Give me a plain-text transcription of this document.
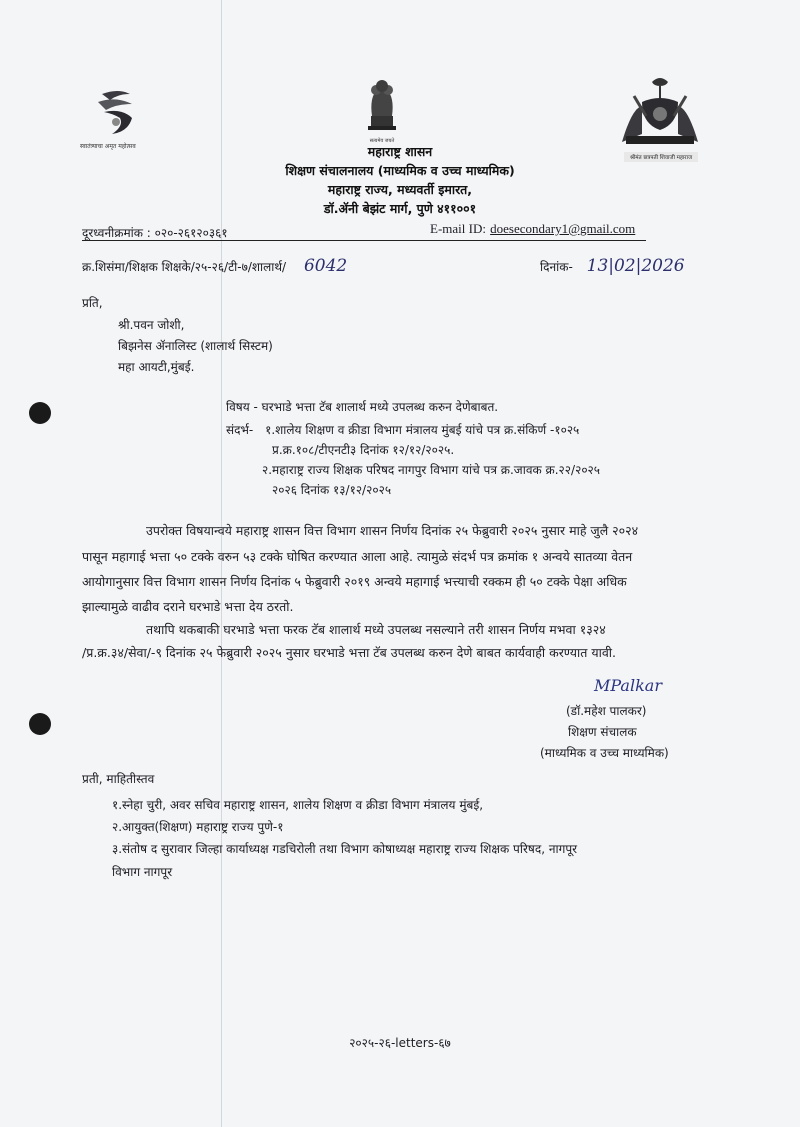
स्वातंत्र्याचा अमृत महोत्सव
सत्यमेव जयते
श्रीमंत छत्रपती शिवाजी महाराज
महाराष्ट्र शासन
शिक्षण संचालनालय (माध्यमिक व उच्च माध्यमिक)
महाराष्ट्र राज्य, मध्यवर्ती इमारत,
डॉ.ॲनी बेझंट मार्ग, पुणे ४११००१
दूरध्वनीक्रमांक : ०२०-२६१२०३६१	E-mail ID: doesecondary1@gmail.com
क्र.शिसंमा/शिक्षक शिक्षके/२५-२६/टी-७/शालार्थ/ 6042	दिनांक- 13|02|2026
प्रति,
श्री.पवन जोशी,
बिझनेस ॲनालिस्ट (शालार्थ सिस्टम)
महा आयटी,मुंबई.
विषय - घरभाडे भत्ता टॅब शालार्थ मध्ये उपलब्ध करुन देणेबाबत.
संदर्भ- १.शालेय शिक्षण व क्रीडा विभाग मंत्रालय मुंबई यांचे पत्र क्र.संकिर्ण -१०२५
प्र.क्र.१०८/टीएनटी३ दिनांक १२/१२/२०२५.
२.महाराष्ट्र राज्य शिक्षक परिषद नागपुर विभाग यांचे पत्र क्र.जावक क्र.२२/२०२५
२०२६ दिनांक १३/१२/२०२५
उपरोक्त विषयान्वये महाराष्ट्र शासन वित्त विभाग शासन निर्णय दिनांक २५ फेब्रुवारी २०२५ नुसार माहे जुलै २०२४
पासून महागाई भत्ता ५० टक्के वरुन ५३ टक्के घोषित करण्यात आला आहे. त्यामुळे संदर्भ पत्र क्रमांक १ अन्वये सातव्या वेतन
आयोगानुसार वित्त विभाग शासन निर्णय दिनांक ५ फेब्रुवारी २०१९ अन्वये महागाई भत्त्याची रक्कम ही ५० टक्के पेक्षा अधिक
झाल्यामुळे वाढीव दराने घरभाडे भत्ता देय ठरतो.
तथापि थकबाकी घरभाडे भत्ता फरक टॅब शालार्थ मध्ये उपलब्ध नसल्याने तरी शासन निर्णय मभवा १३२४
/प्र.क्र.३४/सेवा/-९ दिनांक २५ फेब्रुवारी २०२५ नुसार घरभाडे भत्ता टॅब उपलब्ध करुन देणे बाबत कार्यवाही करण्यात यावी.
MPalkar
(डॉ.महेश पालकर)
शिक्षण संचालक
(माध्यमिक व उच्च माध्यमिक)
प्रती, माहितीस्तव
१.स्नेहा चुरी, अवर सचिव महाराष्ट्र शासन, शालेय शिक्षण व क्रीडा विभाग मंत्रालय मुंबई,
२.आयुक्त(शिक्षण) महाराष्ट्र राज्य पुणे-१
३.संतोष द सुरावार जिल्हा कार्याध्यक्ष गडचिरोली तथा विभाग कोषाध्यक्ष महाराष्ट्र राज्य शिक्षक परिषद, नागपूर
विभाग नागपूर
२०२५-२६-letters-६७
